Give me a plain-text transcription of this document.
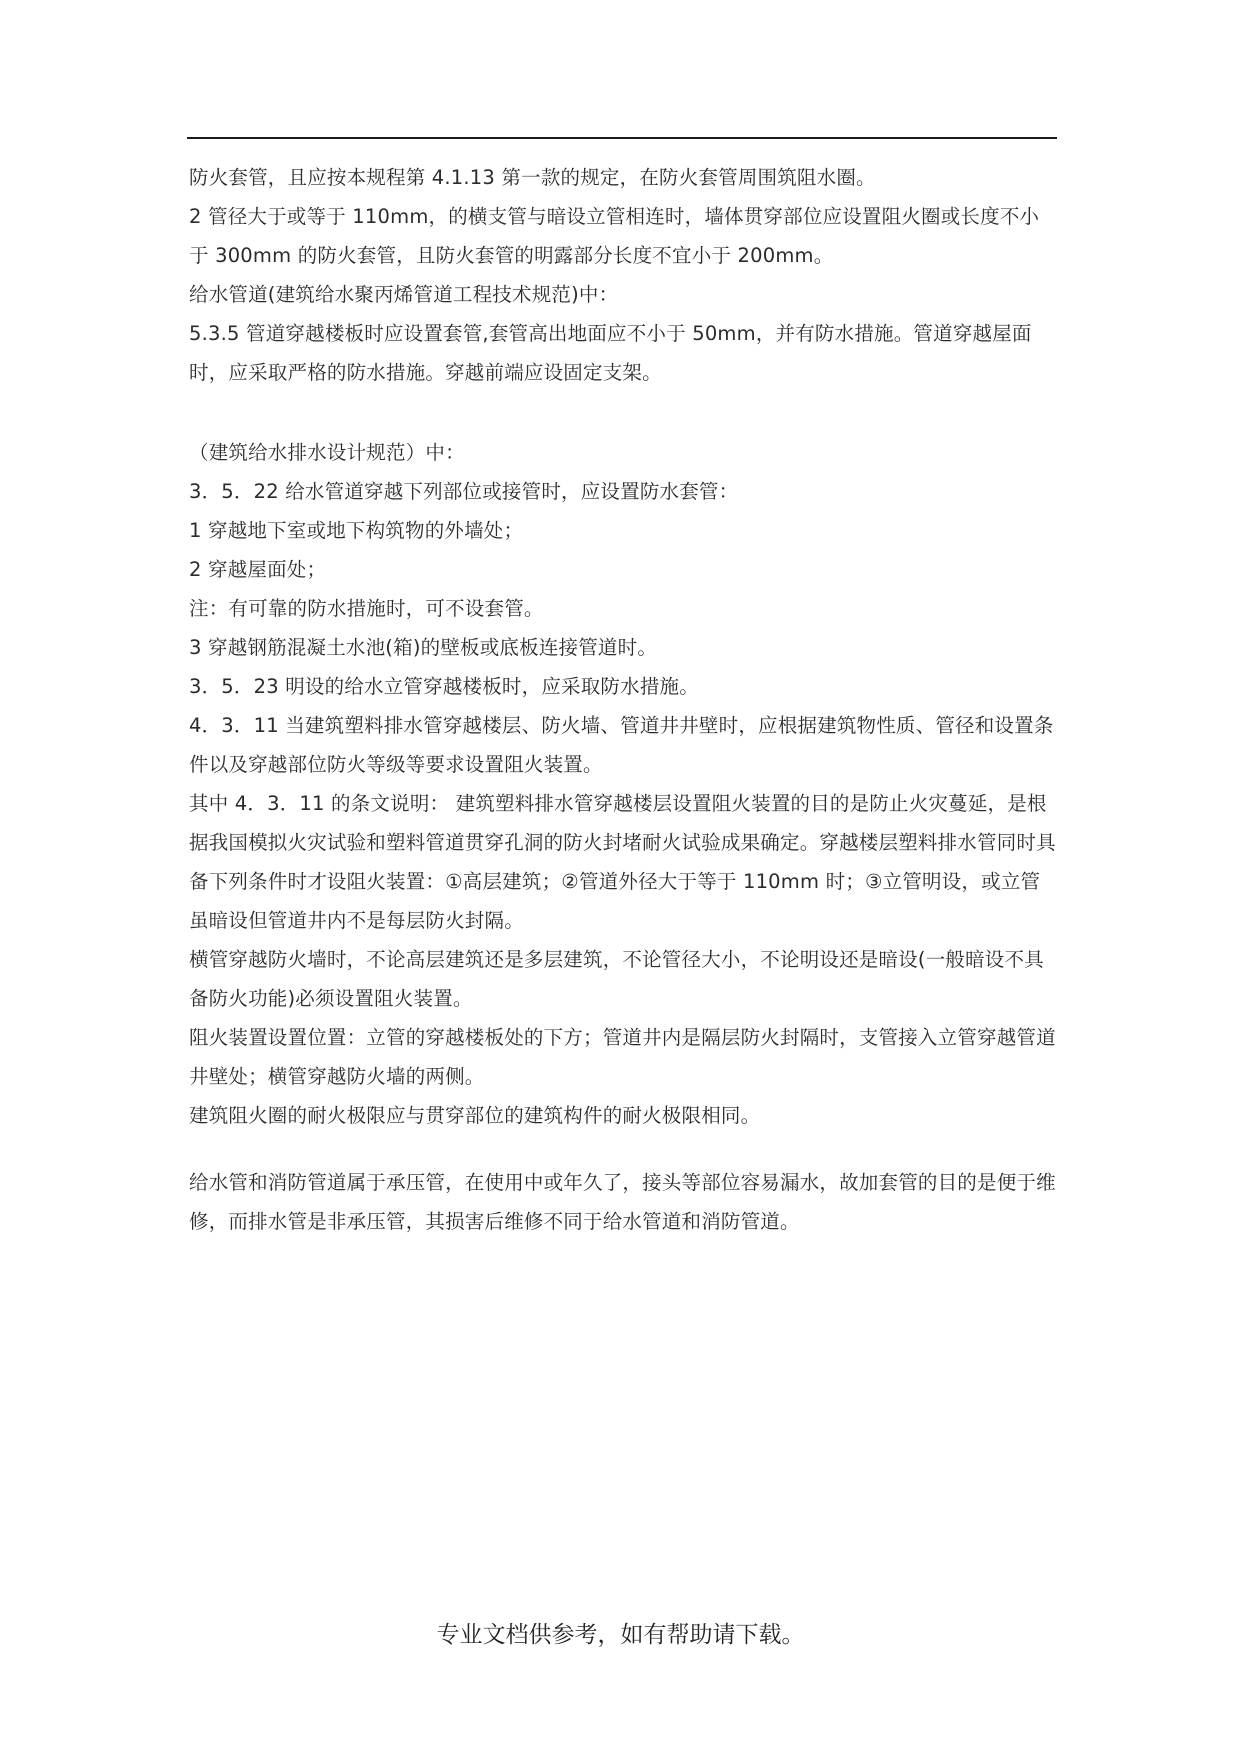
防火套管，且应按本规程第 4.1.13 第一款的规定，在防火套管周围筑阻水圈。

2 管径大于或等于 110mm，的横支管与暗设立管相连时，墙体贯穿部位应设置阻火圈或长度不小于 300mm 的防火套管，且防火套管的明露部分长度不宜小于 200mm。

给水管道(建筑给水聚丙烯管道工程技术规范)中：

5.3.5 管道穿越楼板时应设置套管,套管高出地面应不小于 50mm，并有防水措施。管道穿越屋面时，应采取严格的防水措施。穿越前端应设固定支架。

（建筑给水排水设计规范）中：

3．5．22 给水管道穿越下列部位或接管时，应设置防水套管：

1 穿越地下室或地下构筑物的外墙处；

2 穿越屋面处；

注：有可靠的防水措施时，可不设套管。

3 穿越钢筋混凝土水池(箱)的壁板或底板连接管道时。

3．5．23 明设的给水立管穿越楼板时，应采取防水措施。

4．3．11 当建筑塑料排水管穿越楼层、防火墙、管道井井壁时，应根据建筑物性质、管径和设置条件以及穿越部位防火等级等要求设置阻火装置。

其中 4．3．11 的条文说明： 建筑塑料排水管穿越楼层设置阻火装置的目的是防止火灾蔓延，是根据我国模拟火灾试验和塑料管道贯穿孔洞的防火封堵耐火试验成果确定。穿越楼层塑料排水管同时具备下列条件时才设阻火装置：①高层建筑；②管道外径大于等于 110mm 时；③立管明设，或立管虽暗设但管道井内不是每层防火封隔。

横管穿越防火墙时，不论高层建筑还是多层建筑，不论管径大小，不论明设还是暗设(一般暗设不具备防火功能)必须设置阻火装置。

阻火装置设置位置：立管的穿越楼板处的下方；管道井内是隔层防火封隔时，支管接入立管穿越管道井壁处；横管穿越防火墙的两侧。

建筑阻火圈的耐火极限应与贯穿部位的建筑构件的耐火极限相同。

给水管和消防管道属于承压管，在使用中或年久了，接头等部位容易漏水，故加套管的目的是便于维修，而排水管是非承压管，其损害后维修不同于给水管道和消防管道。

专业文档供参考，如有帮助请下载。
